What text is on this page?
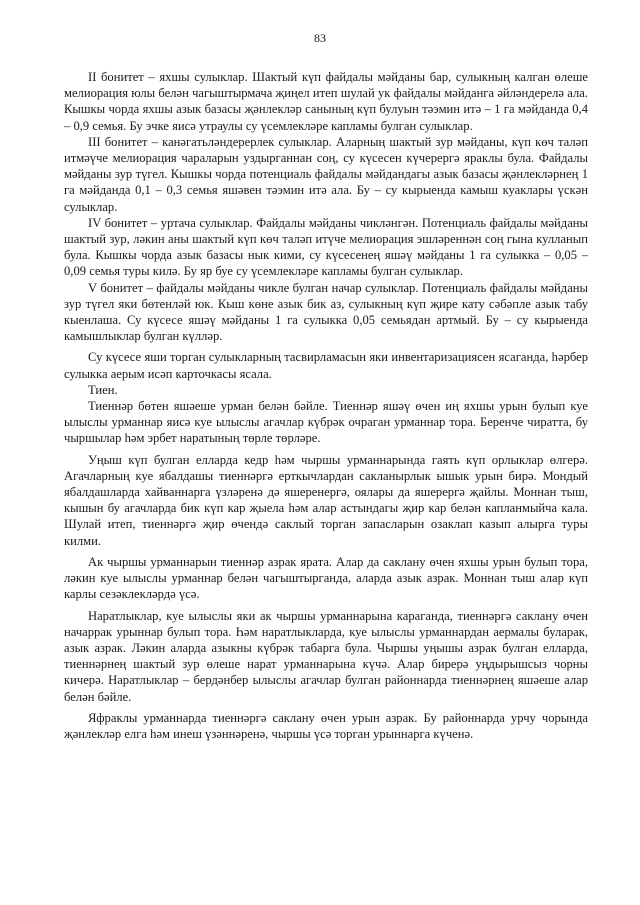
83

II бонитет – яхшы сулыклар. Шактый күп файдалы мәйданы бар, сулыкның калган өлеше мелиорация юлы белән чагыштырмача җиңел итеп шулай ук файдалы мәйданга әйләндерелә ала. Кышкы чорда яхшы азык базасы җәнлекләр санының күп булуын тәэмин итә – 1 га мәйданда 0,4 – 0,9 семья. Бу эчке яисә утраулы су үсемлекләре капламы булган сулыклар.

III бонитет – канәгатьләндерерлек сулыклар. Аларның шактый зур мәйданы, күп көч таләп итмәүче мелиорация чараларын уздырганнан соң, су күсесен күчерергә яраклы була. Файдалы мәйданы зур түгел. Кышкы чорда потенциаль файдалы мәйдандагы азык базасы җәнлекләрнең 1 га мәйданда 0,1 – 0,3 семья яшәвен тәэмин итә ала. Бу – су кырыенда камыш куаклары үскән сулыклар.

IV бонитет – уртача сулыклар. Файдалы мәйданы чикләнгән. Потенциаль файдалы мәйданы шактый зур, ләкин аны шактый күп көч таләп итүче мелиорация эшләреннән соң гына кулланып була. Кышкы чорда азык базасы нык кими, су күсесенең яшәү мәйданы 1 га сулыкка – 0,05 – 0,09 семья туры килә. Бу яр буе су үсемлекләре капламы булган сулыклар.

V бонитет – файдалы мәйданы чикле булган начар сулыклар. Потенциаль файдалы мәйданы зур түгел яки бөтенләй юк. Кыш көне азык бик аз, сулыкның күп җире кату сәбәпле азык табу кыенлаша. Су күсесе яшәү мәйданы 1 га сулыкка 0,05 семьядан артмый. Бу – су кырыенда камышлыклар булган күлләр.

Су күсесе яши торган сулыкларның тасвирламасын яки инвентаризациясен ясаганда, һәрбер сулыкка аерым исәп карточкасы ясала.

Тиен.

Тиеннәр бөтен яшәеше урман белән бәйле. Тиеннәр яшәү өчен иң яхшы урын булып куе ылыслы урманнар яисә куе ылыслы агачлар күбрәк очраган урманнар тора. Беренче чиратта, бу чыршылар һәм эрбет наратының төрле төрләре.

Уңыш күп булган елларда кедр һәм чыршы урманнарында гаять күп орлыклар өлгерә. Агачларның куе ябалдашы тиеннәргә ерткычлардан сакланырлык ышык урын бирә. Мондый ябалдашларда хайваннарга үзләренә дә яшеренергә, оялары да яшерергә җайлы. Моннан тыш, кышын бу агачларда бик күп кар җыела һәм алар астындагы җир кар белән капланмыйча кала. Шулай итеп, тиеннәргә җир өчендә саклый торган запасларын озаклап казып алырга туры килми.

Ак чыршы урманнарын тиеннәр азрак ярата. Алар да саклану өчен яхшы урын булып тора, ләкин куе ылыслы урманнар белән чагыштырганда, аларда азык азрак. Моннан тыш алар күп карлы сезәклекләрдә үсә.

Наратлыклар, куе ылыслы яки ак чыршы урманнарына караганда, тиеннәргә саклану өчен начаррак урыннар булып тора. Һәм наратлыкларда, куе ылыслы урманнардан аермалы буларак, азык азрак. Ләкин аларда азыкны күбрәк табарга була. Чыршы уңышы азрак булган елларда, тиеннәрнең шактый зур өлеше нарат урманнарына күчә. Алар бирерә уңдырышсыз чорны кичерә. Наратлыклар – бердәнбер ылыслы агачлар булган районнарда тиеннәрнең яшәеше алар белән бәйле.

Яфраклы урманнарда тиеннәргә саклану өчен урын азрак. Бу районнарда урчу чорында җәнлекләр елга һәм инеш үзәннәренә, чыршы үсә торган урыннарга күченә.
